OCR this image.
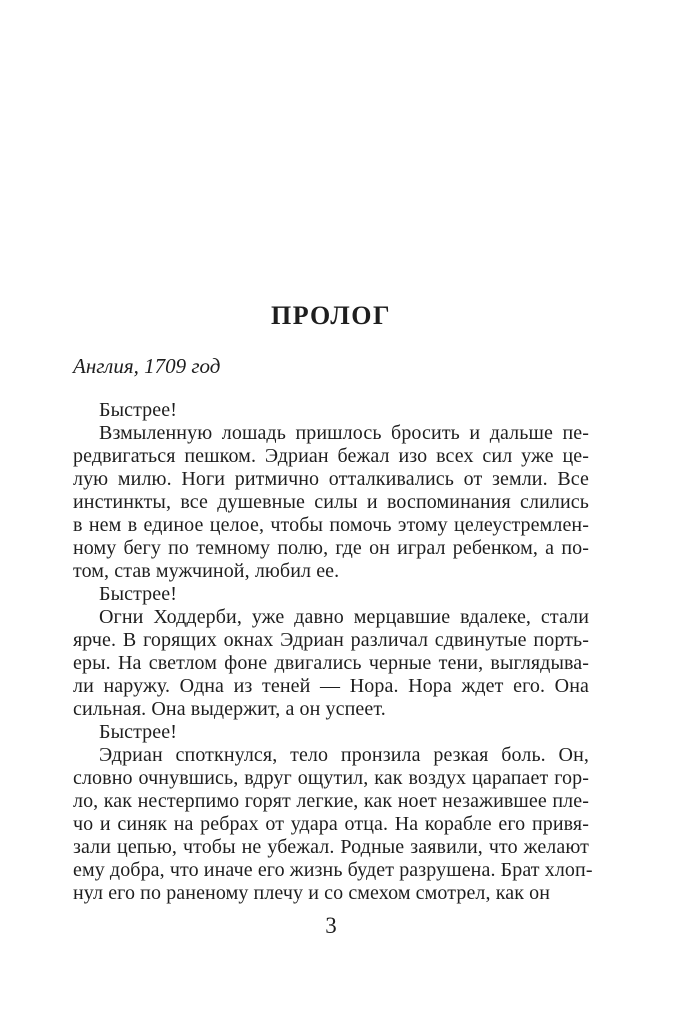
ПРОЛОГ

Англия, 1709 год

Быстрее!
Взмыленную лошадь пришлось бросить и дальше пе-
редвигаться пешком. Эдриан бежал изо всех сил уже це-
лую милю. Ноги ритмично отталкивались от земли. Все
инстинкты, все душевные силы и воспоминания слились
в нем в единое целое, чтобы помочь этому целеустремлен-
ному бегу по темному полю, где он играл ребенком, а по-
том, став мужчиной, любил ее.
Быстрее!
Огни Ходдерби, уже давно мерцавшие вдалеке, стали
ярче. В горящих окнах Эдриан различал сдвинутые порть-
еры. На светлом фоне двигались черные тени, выглядыва-
ли наружу. Одна из теней — Нора. Нора ждет его. Она
сильная. Она выдержит, а он успеет.
Быстрее!
Эдриан споткнулся, тело пронзила резкая боль. Он,
словно очнувшись, вдруг ощутил, как воздух царапает гор-
ло, как нестерпимо горят легкие, как ноет незажившее пле-
чо и синяк на ребрах от удара отца. На корабле его привя-
зали цепью, чтобы не убежал. Родные заявили, что желают
ему добра, что иначе его жизнь будет разрушена. Брат хлоп-
нул его по раненому плечу и со смехом смотрел, как он
3
